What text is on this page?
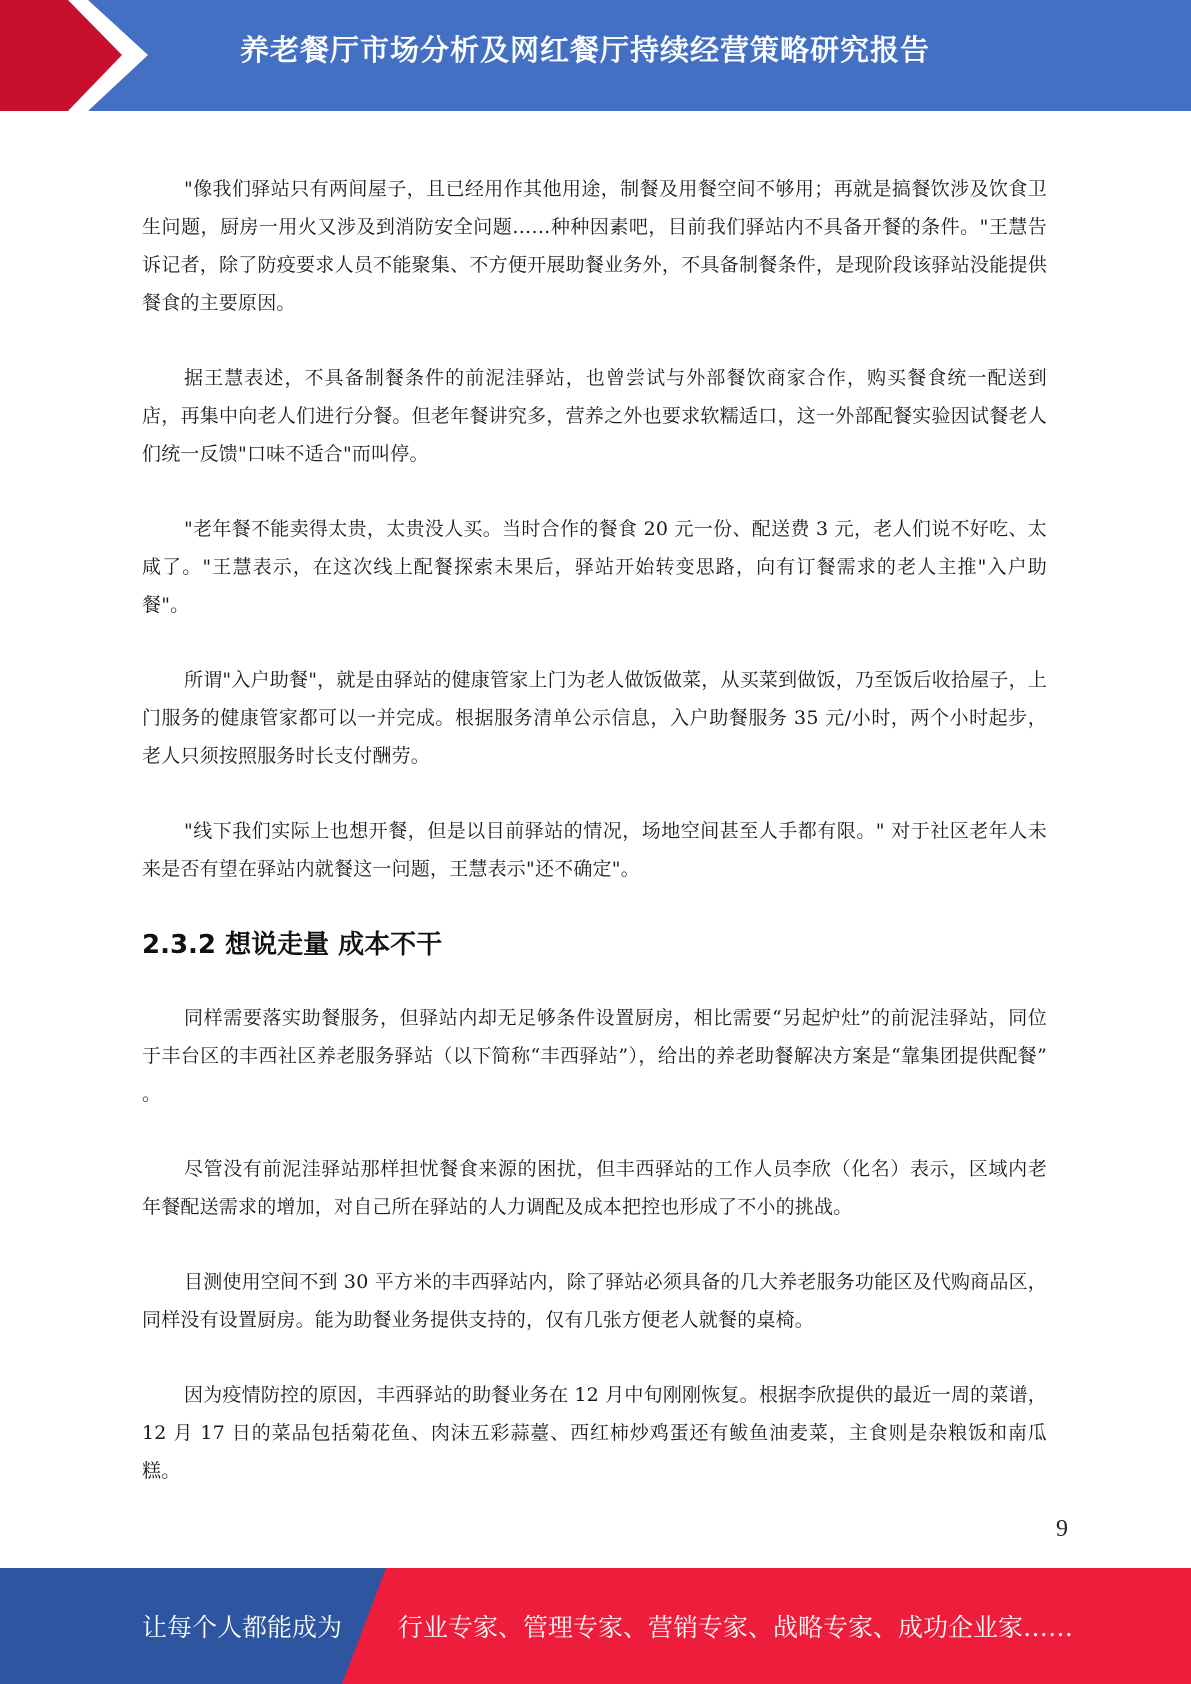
养老餐厅市场分析及网红餐厅持续经营策略研究报告

"像我们驿站只有两间屋子，且已经用作其他用途，制餐及用餐空间不够用；再就是搞餐饮涉及饮食卫生问题，厨房一用火又涉及到消防安全问题……种种因素吧，目前我们驿站内不具备开餐的条件。"王慧告诉记者，除了防疫要求人员不能聚集、不方便开展助餐业务外，不具备制餐条件，是现阶段该驿站没能提供餐食的主要原因。

据王慧表述，不具备制餐条件的前泥洼驿站，也曾尝试与外部餐饮商家合作，购买餐食统一配送到店，再集中向老人们进行分餐。但老年餐讲究多，营养之外也要求软糯适口，这一外部配餐实验因试餐老人们统一反馈"口味不适合"而叫停。

"老年餐不能卖得太贵，太贵没人买。当时合作的餐食 20 元一份、配送费 3 元，老人们说不好吃、太咸了。"王慧表示，在这次线上配餐探索未果后，驿站开始转变思路，向有订餐需求的老人主推"入户助餐"。

所谓"入户助餐"，就是由驿站的健康管家上门为老人做饭做菜，从买菜到做饭，乃至饭后收拾屋子，上门服务的健康管家都可以一并完成。根据服务清单公示信息，入户助餐服务 35 元/小时，两个小时起步，老人只须按照服务时长支付酬劳。

"线下我们实际上也想开餐，但是以目前驿站的情况，场地空间甚至人手都有限。" 对于社区老年人未来是否有望在驿站内就餐这一问题，王慧表示"还不确定"。

2.3.2 想说走量 成本不干

同样需要落实助餐服务，但驿站内却无足够条件设置厨房，相比需要“另起炉灶”的前泥洼驿站，同位于丰台区的丰西社区养老服务驿站（以下简称“丰西驿站”），给出的养老助餐解决方案是“靠集团提供配餐” 。

尽管没有前泥洼驿站那样担忧餐食来源的困扰，但丰西驿站的工作人员李欣（化名）表示，区域内老年餐配送需求的增加，对自己所在驿站的人力调配及成本把控也形成了不小的挑战。

目测使用空间不到 30 平方米的丰西驿站内，除了驿站必须具备的几大养老服务功能区及代购商品区，同样没有设置厨房。能为助餐业务提供支持的，仅有几张方便老人就餐的桌椅。

因为疫情防控的原因，丰西驿站的助餐业务在 12 月中旬刚刚恢复。根据李欣提供的最近一周的菜谱，12 月 17 日的菜品包括菊花鱼、肉沫五彩蒜薹、西红柿炒鸡蛋还有鲅鱼油麦菜，主食则是杂粮饭和南瓜糕。

9
让每个人都能成为 行业专家、管理专家、营销专家、战略专家、成功企业家……
